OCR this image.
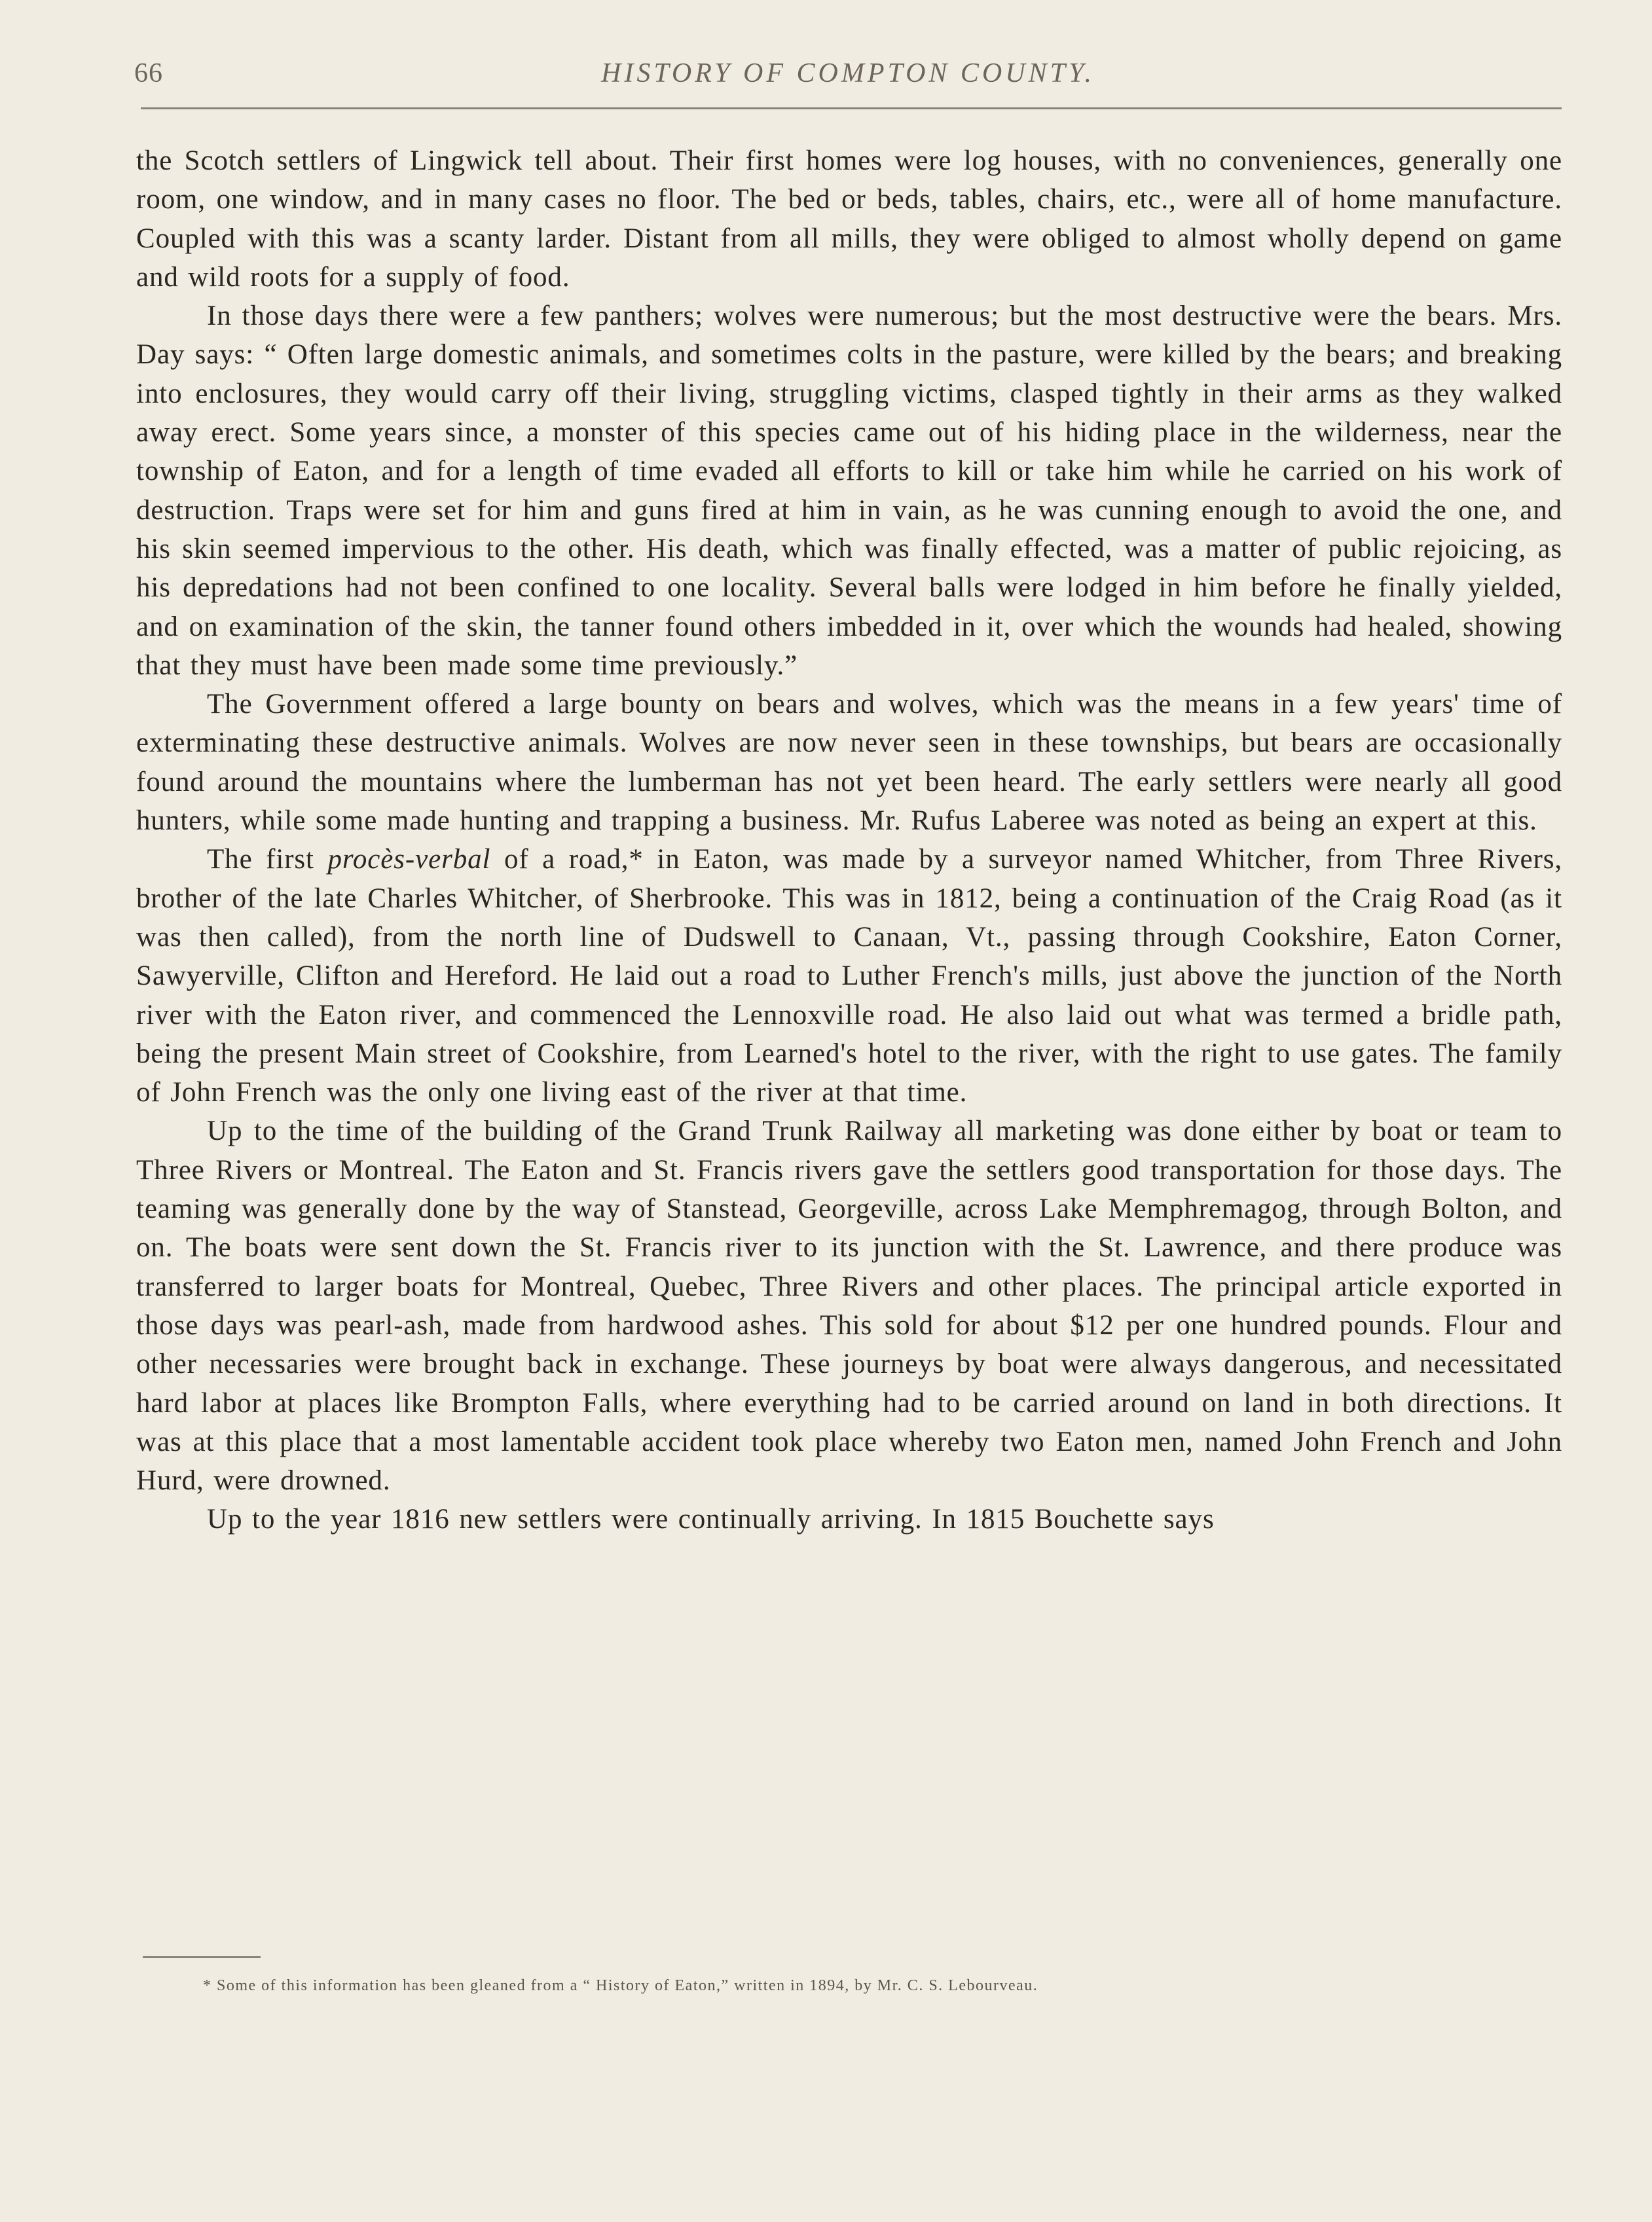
66	HISTORY OF COMPTON COUNTY.

the Scotch settlers of Lingwick tell about. Their first homes were log houses, with no conveniences, generally one room, one window, and in many cases no floor. The bed or beds, tables, chairs, etc., were all of home manufacture. Coupled with this was a scanty larder. Distant from all mills, they were obliged to almost wholly depend on game and wild roots for a supply of food.

In those days there were a few panthers; wolves were numerous; but the most destructive were the bears. Mrs. Day says: “ Often large domestic animals, and sometimes colts in the pasture, were killed by the bears; and breaking into enclosures, they would carry off their living, struggling victims, clasped tightly in their arms as they walked away erect. Some years since, a monster of this species came out of his hiding place in the wilderness, near the township of Eaton, and for a length of time evaded all efforts to kill or take him while he carried on his work of destruction. Traps were set for him and guns fired at him in vain, as he was cunning enough to avoid the one, and his skin seemed impervious to the other. His death, which was finally effected, was a matter of public rejoicing, as his depredations had not been confined to one locality. Several balls were lodged in him before he finally yielded, and on examination of the skin, the tanner found others imbedded in it, over which the wounds had healed, showing that they must have been made some time previously.”

The Government offered a large bounty on bears and wolves, which was the means in a few years' time of exterminating these destructive animals. Wolves are now never seen in these townships, but bears are occasionally found around the mountains where the lumberman has not yet been heard. The early settlers were nearly all good hunters, while some made hunting and trapping a business. Mr. Rufus Laberee was noted as being an expert at this.

The first procès-verbal of a road,* in Eaton, was made by a surveyor named Whitcher, from Three Rivers, brother of the late Charles Whitcher, of Sherbrooke. This was in 1812, being a continuation of the Craig Road (as it was then called), from the north line of Dudswell to Canaan, Vt., passing through Cookshire, Eaton Corner, Sawyerville, Clifton and Hereford. He laid out a road to Luther French's mills, just above the junction of the North river with the Eaton river, and commenced the Lennoxville road. He also laid out what was termed a bridle path, being the present Main street of Cookshire, from Learned's hotel to the river, with the right to use gates. The family of John French was the only one living east of the river at that time.

Up to the time of the building of the Grand Trunk Railway all marketing was done either by boat or team to Three Rivers or Montreal. The Eaton and St. Francis rivers gave the settlers good transportation for those days. The teaming was generally done by the way of Stanstead, Georgeville, across Lake Memphremagog, through Bolton, and on. The boats were sent down the St. Francis river to its junction with the St. Lawrence, and there produce was transferred to larger boats for Montreal, Quebec, Three Rivers and other places. The principal article exported in those days was pearl-ash, made from hardwood ashes. This sold for about $12 per one hundred pounds. Flour and other necessaries were brought back in exchange. These journeys by boat were always dangerous, and necessitated hard labor at places like Brompton Falls, where everything had to be carried around on land in both directions. It was at this place that a most lamentable accident took place whereby two Eaton men, named John French and John Hurd, were drowned.

Up to the year 1816 new settlers were continually arriving. In 1815 Bouchette says

* Some of this information has been gleaned from a “ History of Eaton,” written in 1894, by Mr. C. S. Lebourveau.
